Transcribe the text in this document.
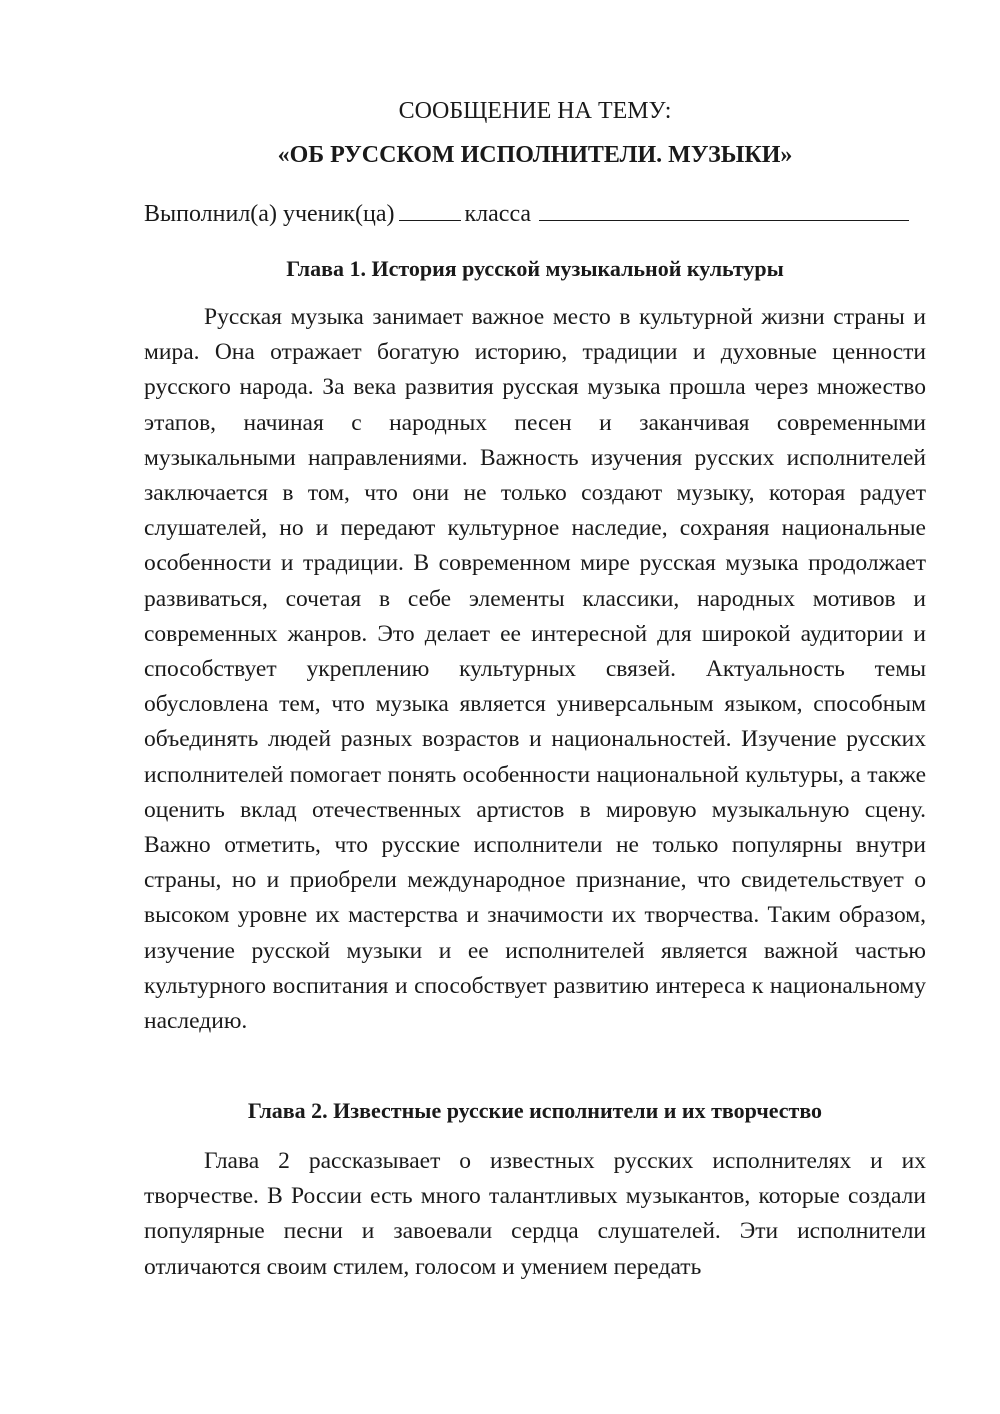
СООБЩЕНИЕ НА ТЕМУ:
«ОБ РУССКОМ ИСПОЛНИТЕЛИ. МУЗЫКИ»
Выполнил(а) ученик(ца)	класса
Глава 1. История русской музыкальной культуры

Русская музыка занимает важное место в культурной жизни страны и мира. Она отражает богатую историю, традиции и духовные ценности русского народа. За века развития русская музыка прошла через множество этапов, начиная с народных песен и заканчивая современными музыкальными направлениями. Важность изучения русских исполнителей заключается в том, что они не только создают музыку, которая радует слушателей, но и передают культурное наследие, сохраняя национальные особенности и традиции. В современном мире русская музыка продолжает развиваться, сочетая в себе элементы классики, народных мотивов и современных жанров. Это делает ее интересной для широкой аудитории и способствует укреплению культурных связей. Актуальность темы обусловлена тем, что музыка является универсальным языком, способным объединять людей разных возрастов и национальностей. Изучение русских исполнителей помогает понять особенности национальной культуры, а также оценить вклад отечественных артистов в мировую музыкальную сцену. Важно отметить, что русские исполнители не только популярны внутри страны, но и приобрели международное признание, что свидетельствует о высоком уровне их мастерства и значимости их творчества. Таким образом, изучение русской музыки и ее исполнителей является важной частью культурного воспитания и способствует развитию интереса к национальному наследию.

Глава 2. Известные русские исполнители и их творчество

Глава 2 рассказывает о известных русских исполнителях и их творчестве. В России есть много талантливых музыкантов, которые создали популярные песни и завоевали сердца слушателей. Эти исполнители отличаются своим стилем, голосом и умением передать
